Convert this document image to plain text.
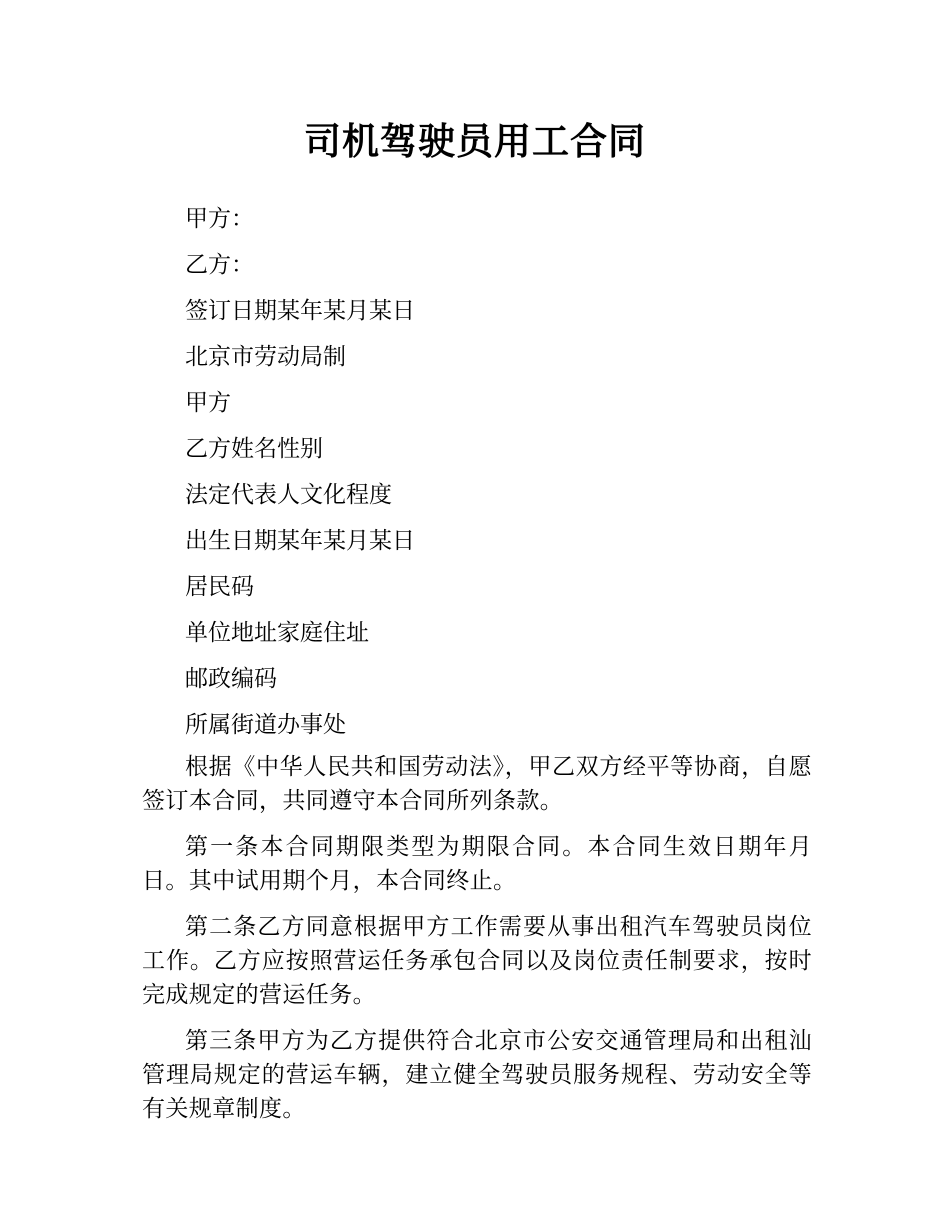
司机驾驶员用工合同

甲方：

乙方：

签订日期某年某月某日

北京市劳动局制

甲方

乙方姓名性别

法定代表人文化程度

出生日期某年某月某日

居民码

单位地址家庭住址

邮政编码

所属街道办事处

根据《中华人民共和国劳动法》，甲乙双方经平等协商，自愿签订本合同，共同遵守本合同所列条款。

第一条本合同期限类型为期限合同。本合同生效日期年月日。其中试用期个月，本合同终止。

第二条乙方同意根据甲方工作需要从事出租汽车驾驶员岗位工作。乙方应按照营运任务承包合同以及岗位责任制要求，按时完成规定的营运任务。

第三条甲方为乙方提供符合北京市公安交通管理局和出租汕管理局规定的营运车辆，建立健全驾驶员服务规程、劳动安全等有关规章制度。
